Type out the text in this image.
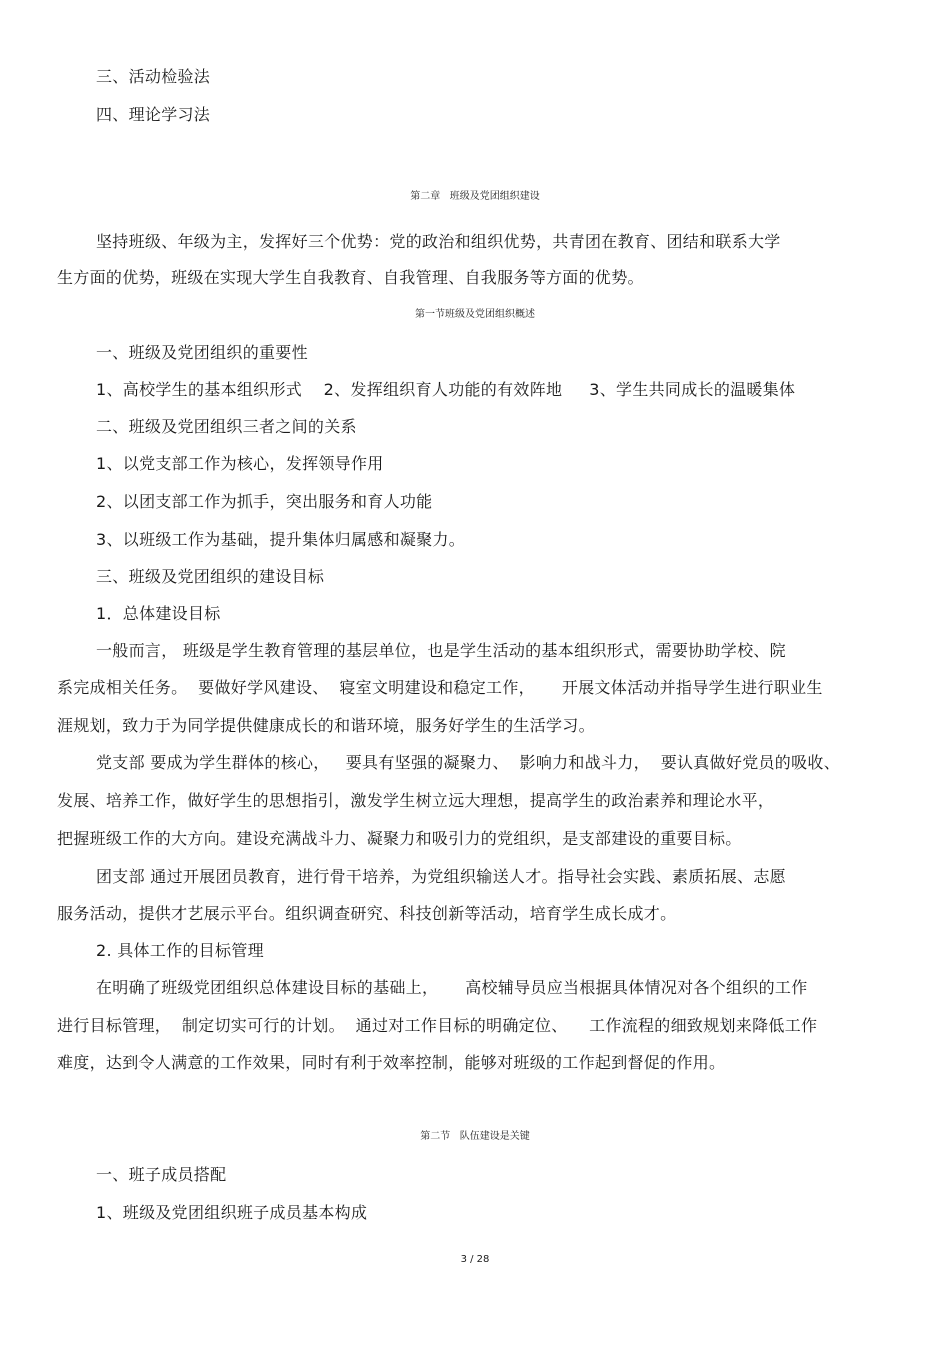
三、活动检验法
四、理论学习法
第二章   班级及党团组织建设
坚持班级、年级为主，发挥好三个优势：党的政治和组织优势，共青团在教育、团结和联系大学
生方面的优势，班级在实现大学生自我教育、自我管理、自我服务等方面的优势。
第一节班级及党团组织概述
一、班级及党团组织的重要性
1、高校学生的基本组织形式    2、发挥组织育人功能的有效阵地     3、学生共同成长的温暖集体
二、班级及党团组织三者之间的关系
1、以党支部工作为核心，发挥领导作用
2、以团支部工作为抓手，突出服务和育人功能
3、以班级工作为基础，提升集体归属感和凝聚力。
三、班级及党团组织的建设目标
1．总体建设目标
一般而言， 班级是学生教育管理的基层单位，也是学生活动的基本组织形式，需要协助学校、院
系完成相关任务。  要做好学风建设、  寝室文明建设和稳定工作，     开展文体活动并指导学生进行职业生
涯规划，致力于为同学提供健康成长的和谐环境，服务好学生的生活学习。
党支部 要成为学生群体的核心，   要具有坚强的凝聚力、  影响力和战斗力，  要认真做好党员的吸收、
发展、培养工作，做好学生的思想指引，激发学生树立远大理想，提高学生的政治素养和理论水平，
把握班级工作的大方向。建设充满战斗力、凝聚力和吸引力的党组织，是支部建设的重要目标。
团支部 通过开展团员教育，进行骨干培养，为党组织输送人才。指导社会实践、素质拓展、志愿
服务活动，提供才艺展示平台。组织调查研究、科技创新等活动，培育学生成长成才。
2. 具体工作的目标管理
在明确了班级党团组织总体建设目标的基础上，     高校辅导员应当根据具体情况对各个组织的工作
进行目标管理，  制定切实可行的计划。  通过对工作目标的明确定位、    工作流程的细致规划来降低工作
难度，达到令人满意的工作效果，同时有利于效率控制，能够对班级的工作起到督促的作用。
第二节   队伍建设是关键
一、班子成员搭配
1、班级及党团组织班子成员基本构成
3 / 28
